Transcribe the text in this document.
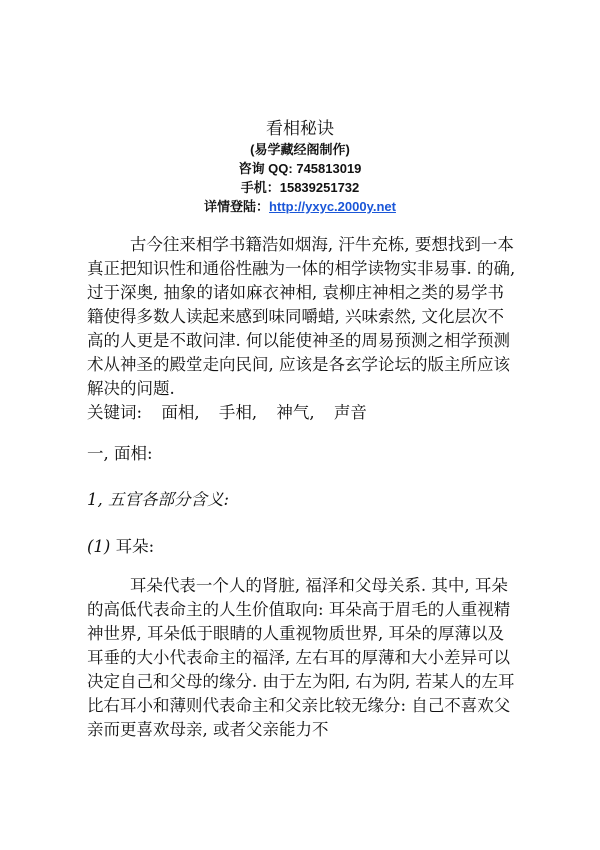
看相秘诀
(易学藏经阁制作)
咨询 QQ: 745813019
手机：15839251732
详情登陆：http://yxyc.2000y.net

古今往来相学书籍浩如烟海, 汗牛充栋, 要想找到一本真正把知识性和通俗性融为一体的相学读物实非易事. 的确, 过于深奥, 抽象的诸如麻衣神相, 袁柳庄神相之类的易学书籍使得多数人读起来感到味同嚼蜡, 兴味索然, 文化层次不高的人更是不敢问津. 何以能使神圣的周易预测之相学预测术从神圣的殿堂走向民间, 应该是各玄学论坛的版主所应该解决的问题.

关键词: 面相, 手相, 神气, 声音

一, 面相:
1, 五官各部分含义:
(1) 耳朵:

耳朵代表一个人的肾脏, 福泽和父母关系. 其中, 耳朵的高低代表命主的人生价值取向: 耳朵高于眉毛的人重视精神世界, 耳朵低于眼睛的人重视物质世界, 耳朵的厚薄以及耳垂的大小代表命主的福泽, 左右耳的厚薄和大小差异可以决定自己和父母的缘分. 由于左为阳, 右为阴, 若某人的左耳比右耳小和薄则代表命主和父亲比较无缘分: 自己不喜欢父亲而更喜欢母亲, 或者父亲能力不
